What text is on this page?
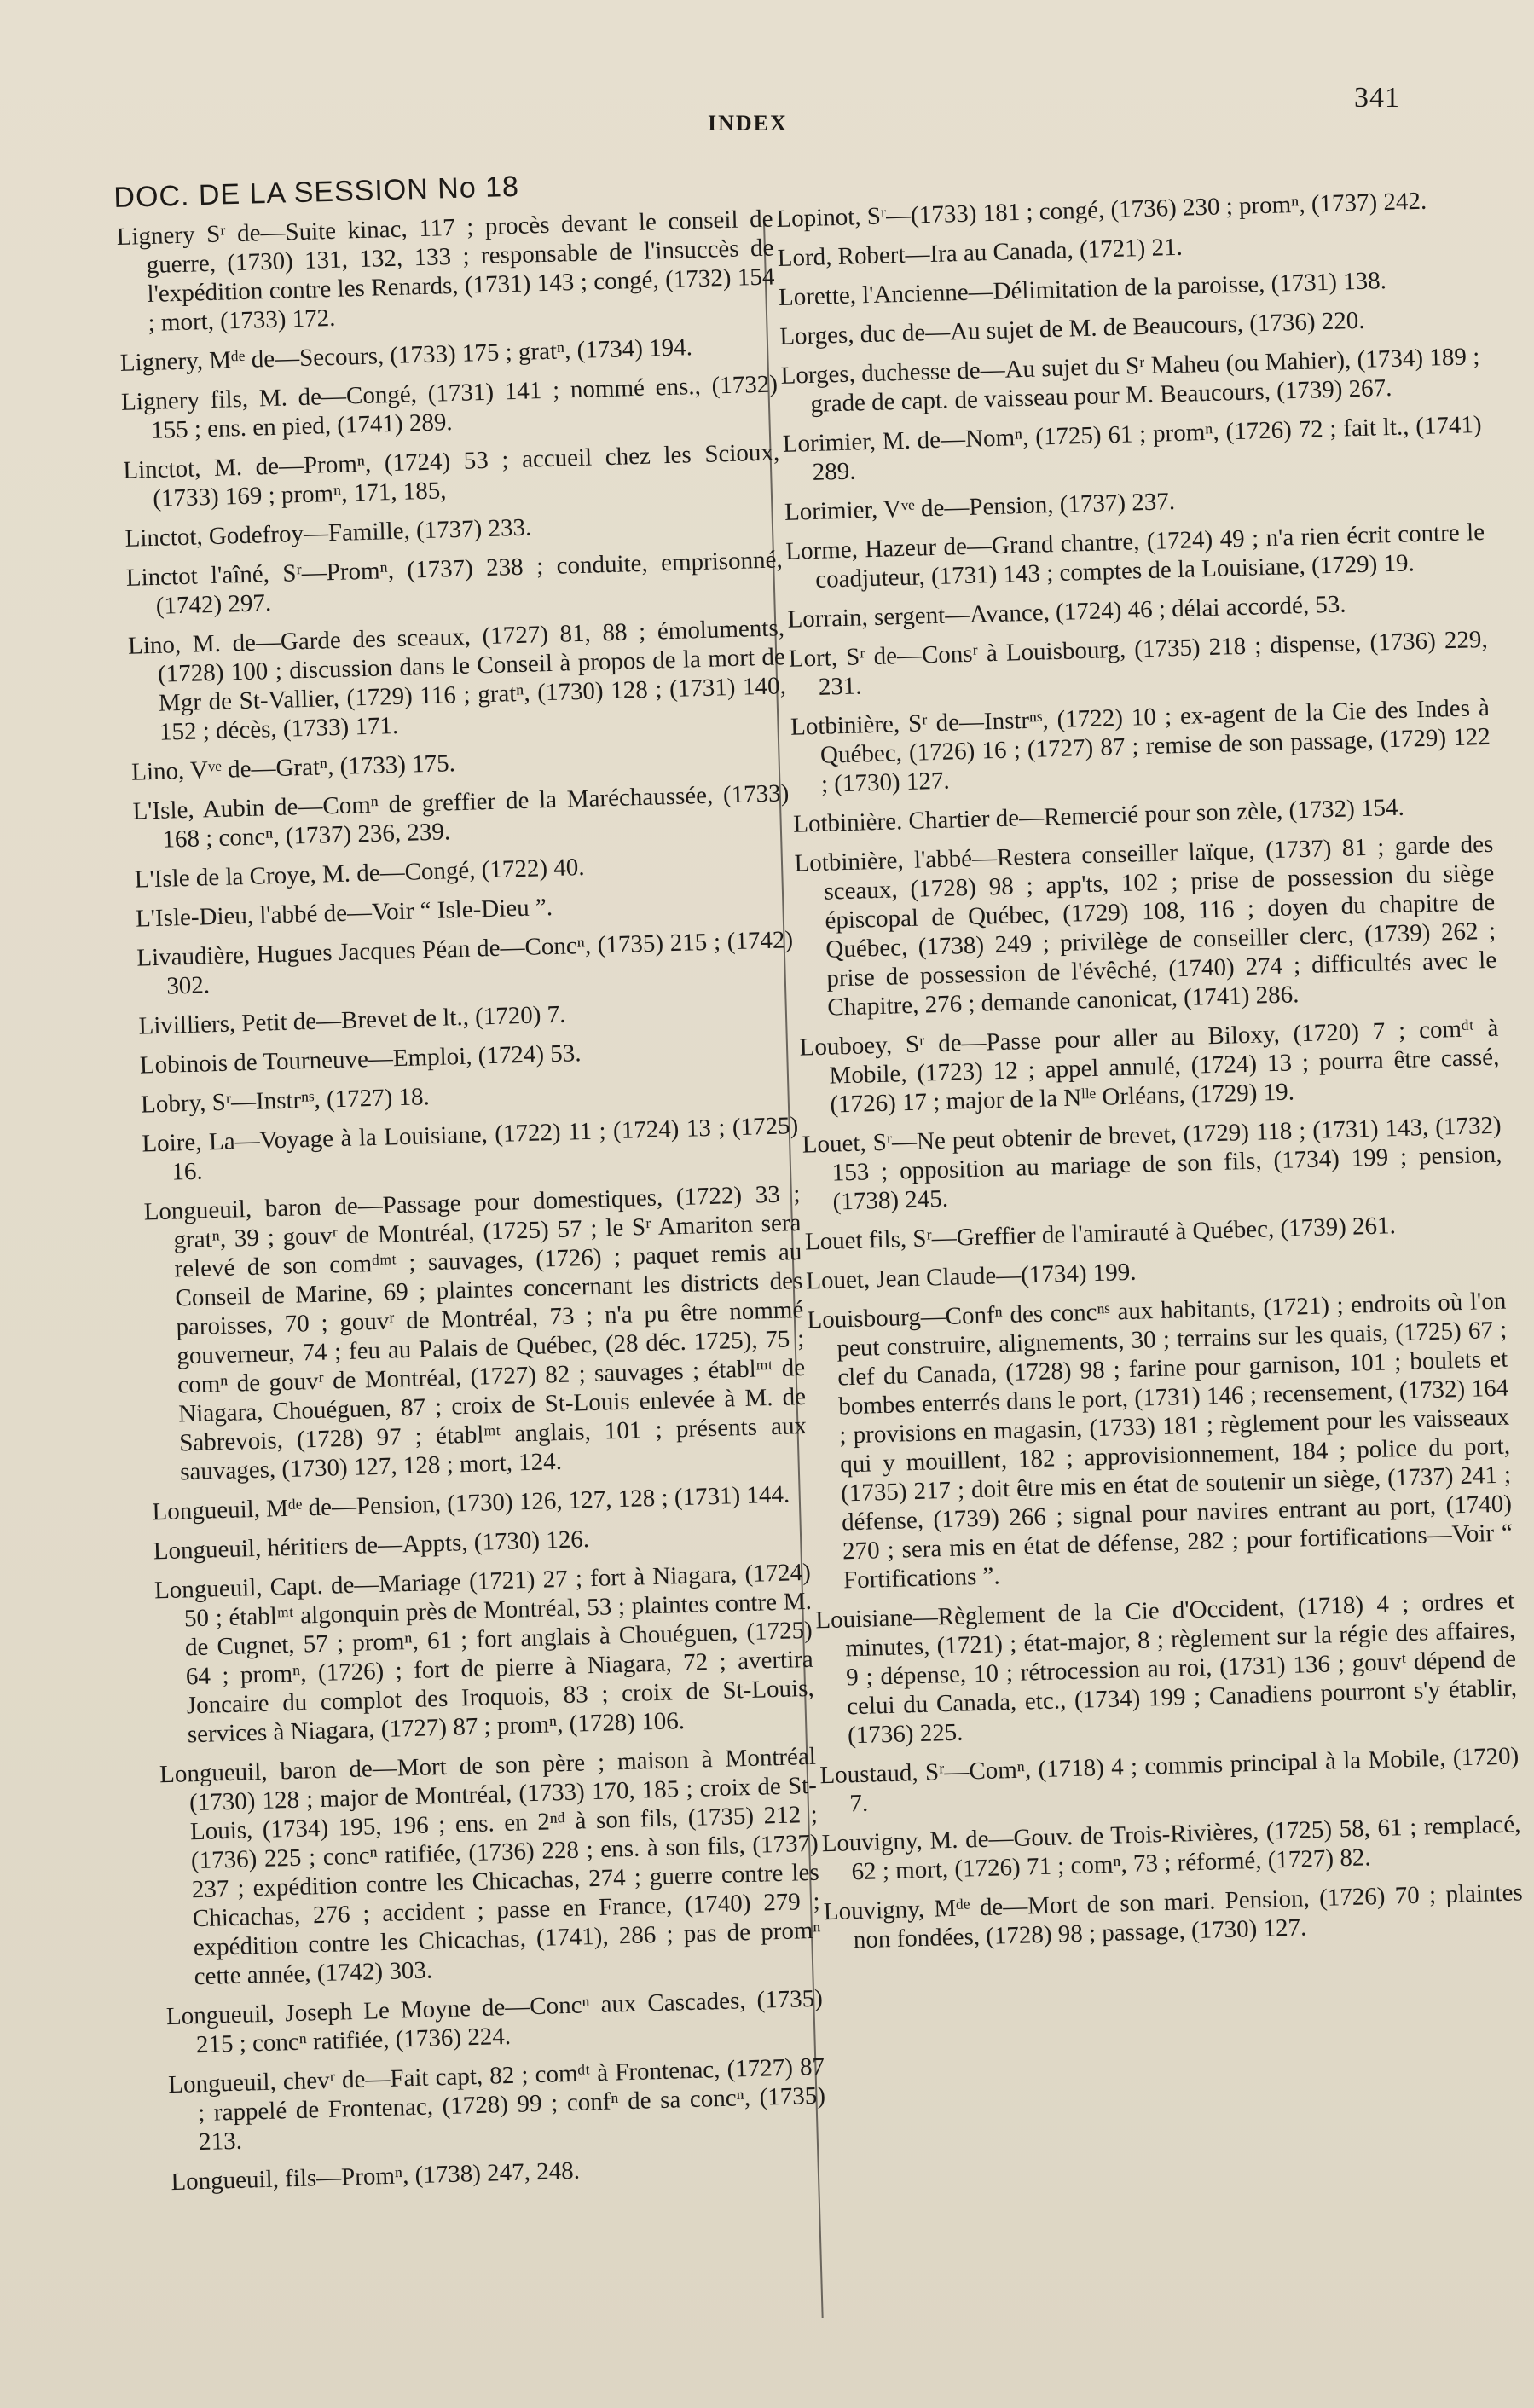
341
INDEX
DOC. DE LA SESSION No 18

Lignery Sʳ de—Suite kinac, 117 ; procès devant le conseil de guerre, (1730) 131, 132, 133 ; responsable de l'insuccès de l'expédition contre les Renards, (1731) 143 ; congé, (1732) 154 ; mort, (1733) 172.

Lignery, Mᵈᵉ de—Secours, (1733) 175 ; gratⁿ, (1734) 194.

Lignery fils, M. de—Congé, (1731) 141 ; nommé ens., (1732) 155 ; ens. en pied, (1741) 289.

Linctot, M. de—Promⁿ, (1724) 53 ; accueil chez les Scioux, (1733) 169 ; promⁿ, 171, 185,

Linctot, Godefroy—Famille, (1737) 233.

Linctot l'aîné, Sʳ—Promⁿ, (1737) 238 ; conduite, emprisonné, (1742) 297.

Lino, M. de—Garde des sceaux, (1727) 81, 88 ; émoluments, (1728) 100 ; discussion dans le Conseil à propos de la mort de Mgr de St-Vallier, (1729) 116 ; gratⁿ, (1730) 128 ; (1731) 140, 152 ; décès, (1733) 171.

Lino, Vᵛᵉ de—Gratⁿ, (1733) 175.

L'Isle, Aubin de—Comⁿ de greffier de la Maréchaussée, (1733) 168 ; concⁿ, (1737) 236, 239.

L'Isle de la Croye, M. de—Congé, (1722) 40.

L'Isle-Dieu, l'abbé de—Voir “ Isle-Dieu ”.

Livaudière, Hugues Jacques Péan de—Concⁿ, (1735) 215 ; (1742) 302.

Livilliers, Petit de—Brevet de lt., (1720) 7.

Lobinois de Tourneuve—Emploi, (1724) 53.

Lobry, Sʳ—Instrⁿˢ, (1727) 18.

Loire, La—Voyage à la Louisiane, (1722) 11 ; (1724) 13 ; (1725) 16.

Longueuil, baron de—Passage pour domestiques, (1722) 33 ; gratⁿ, 39 ; gouvʳ de Montréal, (1725) 57 ; le Sʳ Amariton sera relevé de son comᵈᵐᵗ ; sauvages, (1726) ; paquet remis au Conseil de Marine, 69 ; plaintes concernant les districts des paroisses, 70 ; gouvʳ de Montréal, 73 ; n'a pu être nommé gouverneur, 74 ; feu au Palais de Québec, (28 déc. 1725), 75 ; comⁿ de gouvʳ de Montréal, (1727) 82 ; sauvages ; établᵐᵗ de Niagara, Chouéguen, 87 ; croix de St-Louis enlevée à M. de Sabrevois, (1728) 97 ; établᵐᵗ anglais, 101 ; présents aux sauvages, (1730) 127, 128 ; mort, 124.

Longueuil, Mᵈᵉ de—Pension, (1730) 126, 127, 128 ; (1731) 144.

Longueuil, héritiers de—Appts, (1730) 126.

Longueuil, Capt. de—Mariage (1721) 27 ; fort à Niagara, (1724) 50 ; établᵐᵗ algonquin près de Montréal, 53 ; plaintes contre M. de Cugnet, 57 ; promⁿ, 61 ; fort anglais à Chouéguen, (1725) 64 ; promⁿ, (1726) ; fort de pierre à Niagara, 72 ; avertira Joncaire du complot des Iroquois, 83 ; croix de St-Louis, services à Niagara, (1727) 87 ; promⁿ, (1728) 106.

Longueuil, baron de—Mort de son père ; maison à Montréal (1730) 128 ; major de Montréal, (1733) 170, 185 ; croix de St-Louis, (1734) 195, 196 ; ens. en 2ⁿᵈ à son fils, (1735) 212 ; (1736) 225 ; concⁿ ratifiée, (1736) 228 ; ens. à son fils, (1737) 237 ; expédition contre les Chicachas, 274 ; guerre contre les Chicachas, 276 ; accident ; passe en France, (1740) 279 ; expédition contre les Chicachas, (1741), 286 ; pas de promⁿ cette année, (1742) 303.

Longueuil, Joseph Le Moyne de—Concⁿ aux Cascades, (1735) 215 ; concⁿ ratifiée, (1736) 224.

Longueuil, chevʳ de—Fait capt, 82 ; comᵈᵗ à Frontenac, (1727) 87 ; rappelé de Frontenac, (1728) 99 ; confⁿ de sa concⁿ, (1735) 213.

Longueuil, fils—Promⁿ, (1738) 247, 248.

Lopinot, Sʳ—(1733) 181 ; congé, (1736) 230 ; promⁿ, (1737) 242.

Lord, Robert—Ira au Canada, (1721) 21.

Lorette, l'Ancienne—Délimitation de la paroisse, (1731) 138.

Lorges, duc de—Au sujet de M. de Beaucours, (1736) 220.

Lorges, duchesse de—Au sujet du Sʳ Maheu (ou Mahier), (1734) 189 ; grade de capt. de vaisseau pour M. Beaucours, (1739) 267.

Lorimier, M. de—Nomⁿ, (1725) 61 ; promⁿ, (1726) 72 ; fait lt., (1741) 289.

Lorimier, Vᵛᵉ de—Pension, (1737) 237.

Lorme, Hazeur de—Grand chantre, (1724) 49 ; n'a rien écrit contre le coadjuteur, (1731) 143 ; comptes de la Louisiane, (1729) 19.

Lorrain, sergent—Avance, (1724) 46 ; délai accordé, 53.

Lort, Sʳ de—Consʳ à Louisbourg, (1735) 218 ; dispense, (1736) 229, 231.

Lotbinière, Sʳ de—Instrⁿˢ, (1722) 10 ; ex-agent de la Cie des Indes à Québec, (1726) 16 ; (1727) 87 ; remise de son passage, (1729) 122 ; (1730) 127.

Lotbinière. Chartier de—Remercié pour son zèle, (1732) 154.

Lotbinière, l'abbé—Restera conseiller laïque, (1737) 81 ; garde des sceaux, (1728) 98 ; app'ts, 102 ; prise de possession du siège épiscopal de Québec, (1729) 108, 116 ; doyen du chapitre de Québec, (1738) 249 ; privilège de conseiller clerc, (1739) 262 ; prise de possession de l'évêché, (1740) 274 ; difficultés avec le Chapitre, 276 ; demande canonicat, (1741) 286.

Louboey, Sʳ de—Passe pour aller au Biloxy, (1720) 7 ; comᵈᵗ à Mobile, (1723) 12 ; appel annulé, (1724) 13 ; pourra être cassé, (1726) 17 ; major de la Nˡˡᵉ Orléans, (1729) 19.

Louet, Sʳ—Ne peut obtenir de brevet, (1729) 118 ; (1731) 143, (1732) 153 ; opposition au mariage de son fils, (1734) 199 ; pension, (1738) 245.

Louet fils, Sʳ—Greffier de l'amirauté à Québec, (1739) 261.

Louet, Jean Claude—(1734) 199.

Louisbourg—Confⁿ des concⁿˢ aux habitants, (1721) ; endroits où l'on peut construire, alignements, 30 ; terrains sur les quais, (1725) 67 ; clef du Canada, (1728) 98 ; farine pour garnison, 101 ; boulets et bombes enterrés dans le port, (1731) 146 ; recensement, (1732) 164 ; provisions en magasin, (1733) 181 ; règlement pour les vaisseaux qui y mouillent, 182 ; approvisionnement, 184 ; police du port, (1735) 217 ; doit être mis en état de soutenir un siège, (1737) 241 ; défense, (1739) 266 ; signal pour navires entrant au port, (1740) 270 ; sera mis en état de défense, 282 ; pour fortifications—Voir “ Fortifications ”.

Louisiane—Règlement de la Cie d'Occident, (1718) 4 ; ordres et minutes, (1721) ; état-major, 8 ; règlement sur la régie des affaires, 9 ; dépense, 10 ; rétrocession au roi, (1731) 136 ; gouvᵗ dépend de celui du Canada, etc., (1734) 199 ; Canadiens pourront s'y établir, (1736) 225.

Loustaud, Sʳ—Comⁿ, (1718) 4 ; commis principal à la Mobile, (1720) 7.

Louvigny, M. de—Gouv. de Trois-Rivières, (1725) 58, 61 ; remplacé, 62 ; mort, (1726) 71 ; comⁿ, 73 ; réformé, (1727) 82.

Louvigny, Mᵈᵉ de—Mort de son mari. Pension, (1726) 70 ; plaintes non fondées, (1728) 98 ; passage, (1730) 127.
